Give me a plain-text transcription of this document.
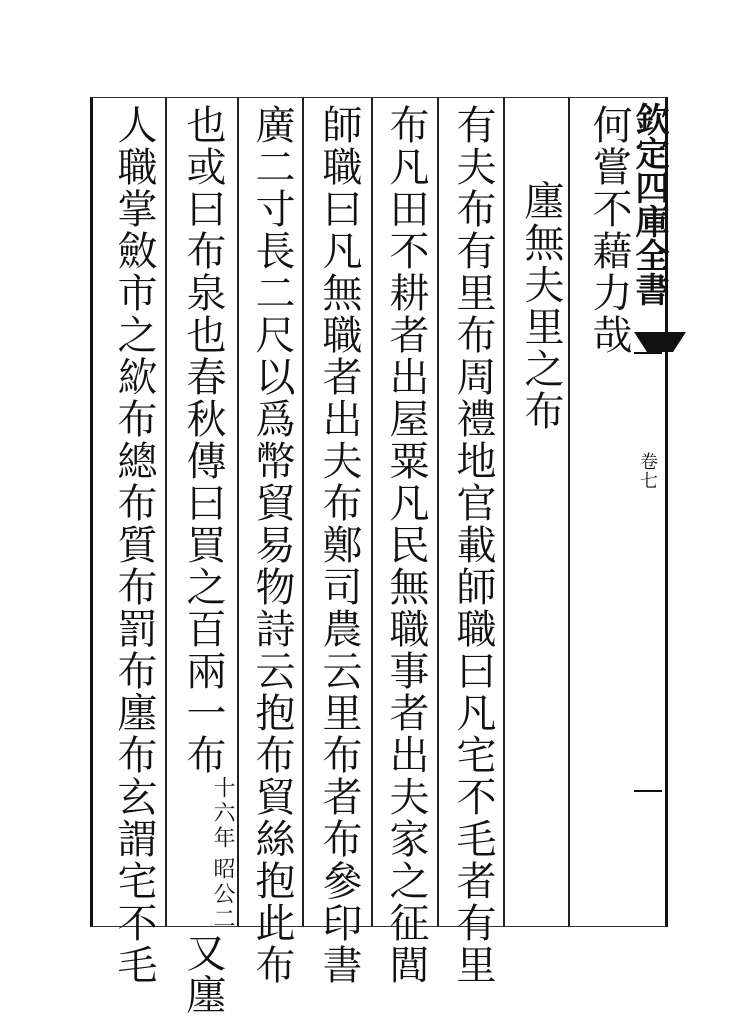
欽定四庫全書
卷七
何嘗不藉力哉
廛無夫里之布
有夫布有里布周禮地官載師職曰凡宅不毛者有里
布凡田不耕者出屋粟凡民無職事者出夫家之征閭
師職曰凡無職者出夫布鄭司農云里布者布參印書
廣二寸長二尺以爲幣貿易物詩云抱布貿絲抱此布
也或曰布泉也春秋傳曰買之百兩一布
昭公二
十六年
又廛
人職掌斂市之絘布總布質布罰布廛布玄謂宅不毛
